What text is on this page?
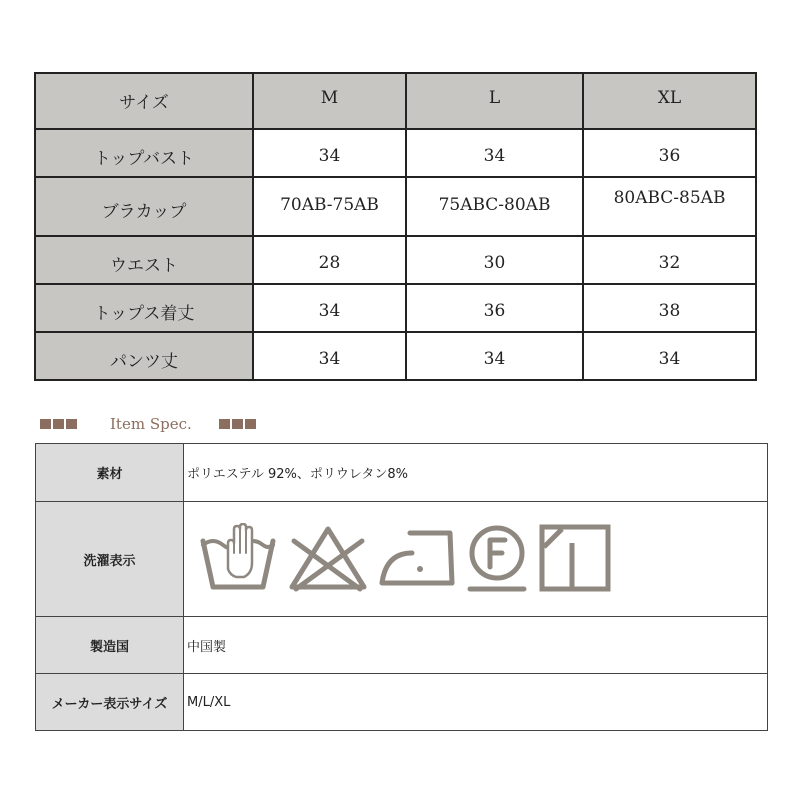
サイズ	M	L	XL
トップバスト	34	34	36
ブラカップ	70AB-75AB	75ABC-80AB	80ABC-85AB
ウエスト	28	30	32
トップス着丈	34	36	38
パンツ丈	34	34	34
Item Spec.
素材	ポリエステル 92%、ポリウレタン8%
洗濯表示	

製造国	中国製
メーカー表示サイズ	M/L/XL
